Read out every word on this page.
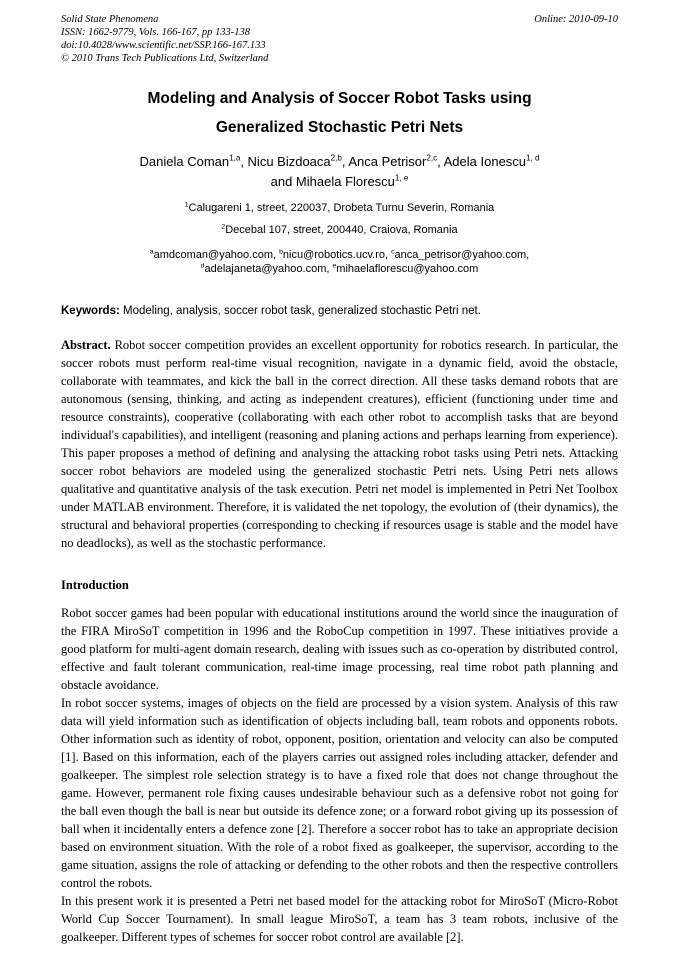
Solid State Phenomena
ISSN: 1662-9779, Vols. 166-167, pp 133-138
doi:10.4028/www.scientific.net/SSP.166-167.133
© 2010 Trans Tech Publications Ltd, Switzerland
Online: 2010-09-10
Modeling and Analysis of Soccer Robot Tasks using
Generalized Stochastic Petri Nets
Daniela Coman$^{1,a}$, Nicu Bizdoaca$^{2,b}$, Anca Petrisor$^{2,c}$, Adela Ionescu$^{1, d}$
and Mihaela Florescu$^{1, e}$
$^1$Calugareni 1, street, 220037, Drobeta Turnu Severin, Romania
$^2$Decebal 107, street, 200440, Craiova, Romania
$^a$amdcoman@yahoo.com, $^b$nicu@robotics.ucv.ro, $^c$anca_petrisor@yahoo.com,
$^d$adelajaneta@yahoo.com, $^e$mihaelaflorescu@yahoo.com
Keywords: Modeling, analysis, soccer robot task, generalized stochastic Petri net.

Abstract. Robot soccer competition provides an excellent opportunity for robotics research. In particular, the soccer robots must perform real-time visual recognition, navigate in a dynamic field, avoid the obstacle, collaborate with teammates, and kick the ball in the correct direction. All these tasks demand robots that are autonomous (sensing, thinking, and acting as independent creatures), efficient (functioning under time and resource constraints), cooperative (collaborating with each other robot to accomplish tasks that are beyond individual's capabilities), and intelligent (reasoning and planing actions and perhaps learning from experience). This paper proposes a method of defining and analysing the attacking robot tasks using Petri nets. Attacking soccer robot behaviors are modeled using the generalized stochastic Petri nets. Using Petri nets allows qualitative and quantitative analysis of the task execution. Petri net model is implemented in Petri Net Toolbox under MATLAB environment. Therefore, it is validated the net topology, the evolution of (their dynamics), the structural and behavioral properties (corresponding to checking if resources usage is stable and the model have no deadlocks), as well as the stochastic performance.

Introduction

Robot soccer games had been popular with educational institutions around the world since the inauguration of the FIRA MiroSoT competition in 1996 and the RoboCup competition in 1997. These initiatives provide a good platform for multi-agent domain research, dealing with issues such as co-operation by distributed control, effective and fault tolerant communication, real-time image processing, real time robot path planning and obstacle avoidance.

In robot soccer systems, images of objects on the field are processed by a vision system. Analysis of this raw data will yield information such as identification of objects including ball, team robots and opponents robots. Other information such as identity of robot, opponent, position, orientation and velocity can also be computed [1]. Based on this information, each of the players carries out assigned roles including attacker, defender and goalkeeper. The simplest role selection strategy is to have a fixed role that does not change throughout the game. However, permanent role fixing causes undesirable behaviour such as a defensive robot not going for the ball even though the ball is near but outside its defence zone; or a forward robot giving up its possession of ball when it incidentally enters a defence zone [2]. Therefore a soccer robot has to take an appropriate decision based on environment situation. With the role of a robot fixed as goalkeeper, the supervisor, according to the game situation, assigns the role of attacking or defending to the other robots and then the respective controllers control the robots.

In this present work it is presented a Petri net based model for the attacking robot for MiroSoT (Micro-Robot World Cup Soccer Tournament). In small league MiroSoT, a team has 3 team robots, inclusive of the goalkeeper. Different types of schemes for soccer robot control are available [2].
